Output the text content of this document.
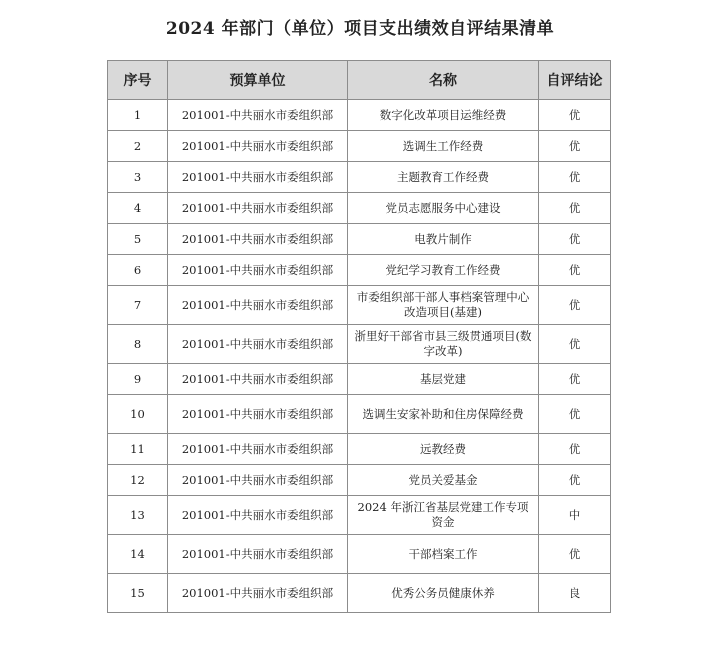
2024 年部门（单位）项目支出绩效自评结果清单
序号	预算单位	名称	自评结论
1	201001-中共丽水市委组织部	数字化改革项目运维经费	优
2	201001-中共丽水市委组织部	选调生工作经费	优
3	201001-中共丽水市委组织部	主题教育工作经费	优
4	201001-中共丽水市委组织部	党员志愿服务中心建设	优
5	201001-中共丽水市委组织部	电教片制作	优
6	201001-中共丽水市委组织部	党纪学习教育工作经费	优
7	201001-中共丽水市委组织部	市委组织部干部人事档案管理中心改造项目(基建)	优
8	201001-中共丽水市委组织部	浙里好干部省市县三级贯通项目(数字改革)	优
9	201001-中共丽水市委组织部	基层党建	优
10	201001-中共丽水市委组织部	选调生安家补助和住房保障经费	优
11	201001-中共丽水市委组织部	远教经费	优
12	201001-中共丽水市委组织部	党员关爱基金	优
13	201001-中共丽水市委组织部	2024 年浙江省基层党建工作专项资金	中
14	201001-中共丽水市委组织部	干部档案工作	优
15	201001-中共丽水市委组织部	优秀公务员健康休养	良
